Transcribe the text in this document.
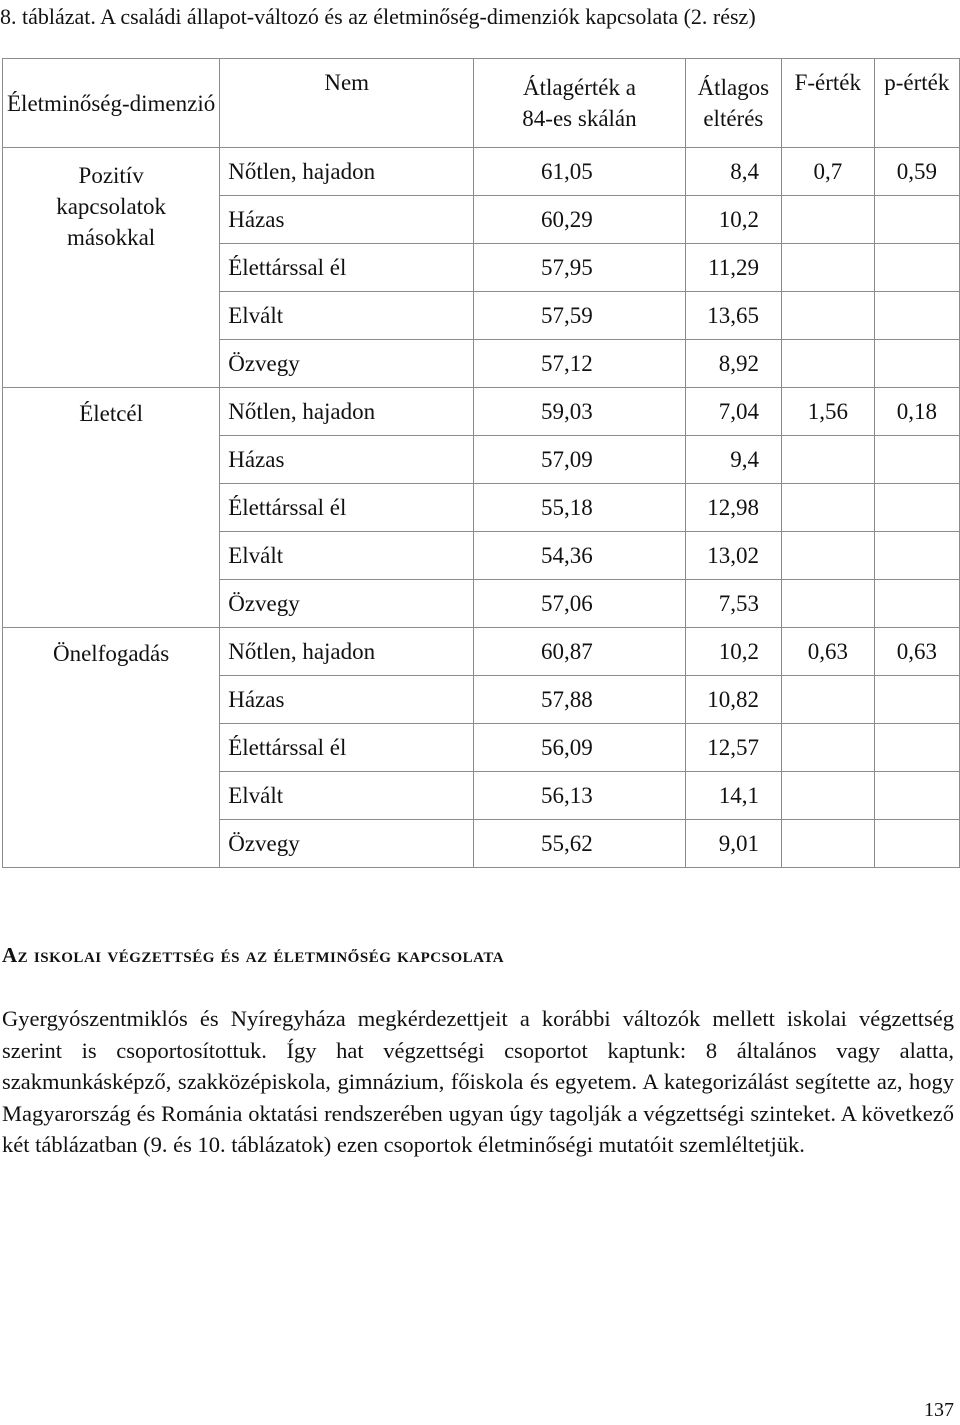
8. táblázat. A családi állapot-változó és az életminőség-dimenziók kapcsolata (2. rész)
Életminőség-dimenzió	Nem	Átlagérték a 84-es skálán	Átlagos eltérés	F-érték	p-érték
Pozitív kapcsolatok másokkal	Nőtlen, hajadon	61,05	8,4	0,7	0,59
	Házas	60,29	10,2		
	Élettárssal él	57,95	11,29		
	Elvált	57,59	13,65		
	Özvegy	57,12	8,92		
Életcél	Nőtlen, hajadon	59,03	7,04	1,56	0,18
	Házas	57,09	9,4		
	Élettárssal él	55,18	12,98		
	Elvált	54,36	13,02		
	Özvegy	57,06	7,53		
Önelfogadás	Nőtlen, hajadon	60,87	10,2	0,63	0,63
	Házas	57,88	10,82		
	Élettárssal él	56,09	12,57		
	Elvált	56,13	14,1		
	Özvegy	55,62	9,01		
Az iskolai végzettség és az életminőség kapcsolata
Gyergyószentmiklós és Nyíregyháza megkérdezettjeit a korábbi változók mellett iskolai végzettség szerint is csoportosítottuk. Így hat végzettségi csoportot kaptunk: 8 általános vagy alatta, szakmunkásképző, szakközépiskola, gimnázium, főiskola és egyetem. A kategorizálást segítette az, hogy Magyarország és Románia oktatási rendszerében ugyan úgy tagolják a végzettségi szinteket. A következő két táblázatban (9. és 10. táblázatok) ezen csoportok életminőségi mutatóit szemléltetjük.
137
